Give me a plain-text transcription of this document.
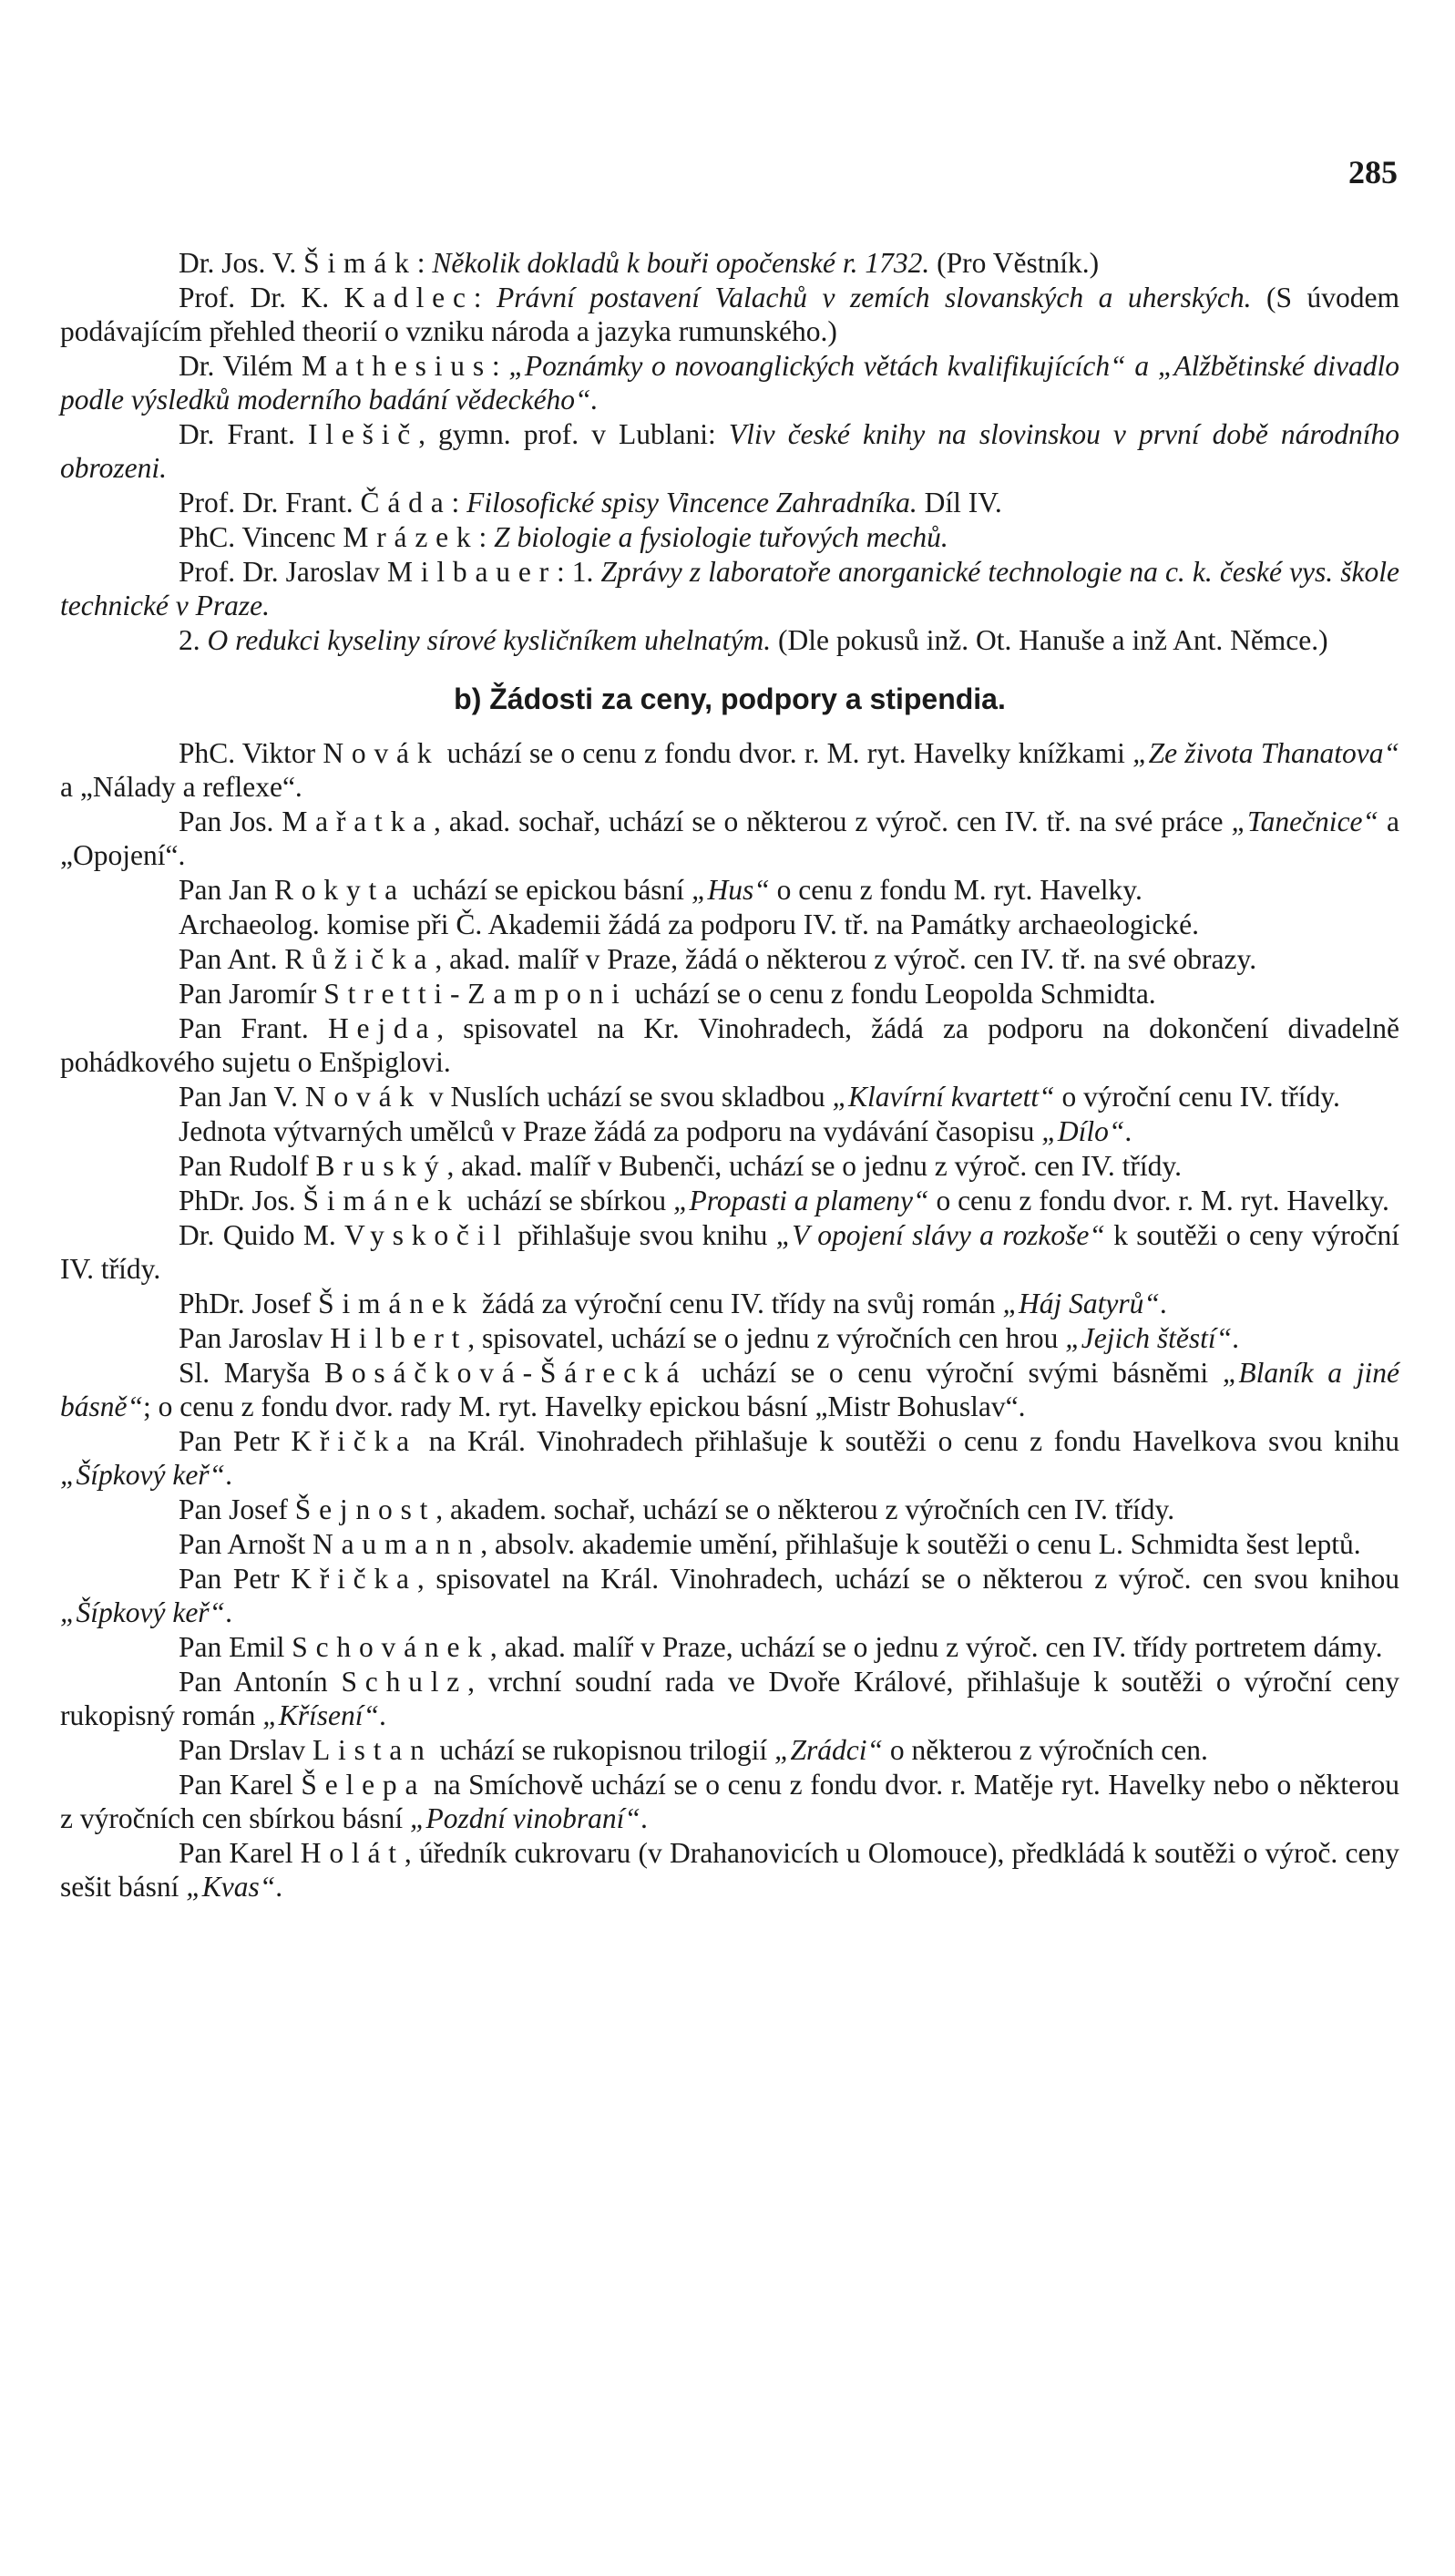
285

Dr. Jos. V. Šimák: Několik dokladů k bouři opočenské r. 1732. (Pro Věstník.)

Prof. Dr. K. Kadlec: Právní postavení Valachů v zemích slovanských a uherských. (S úvodem podávajícím přehled theorií o vzniku národa a jazyka rumunského.)

Dr. Vilém Mathesius: „Poznámky o novoanglických větách kvalifikujících“ a „Alžbětinské divadlo podle výsledků moderního badání vědeckého“.

Dr. Frant. Ilešič, gymn. prof. v Lublani: Vliv české knihy na slovinskou v první době národního obrozeni.

Prof. Dr. Frant. Čáda: Filosofické spisy Vincence Zahradníka. Díl IV.

PhC. Vincenc Mrázek: Z biologie a fysiologie tuřových mechů.

Prof. Dr. Jaroslav Milbauer: 1. Zprávy z laboratoře anorganické technologie na c. k. české vys. škole technické v Praze.

2. O redukci kyseliny sírové kysličníkem uhelnatým. (Dle pokusů inž. Ot. Hanuše a inž Ant. Němce.)

b) Žádosti za ceny, podpory a stipendia.

PhC. Viktor Novák uchází se o cenu z fondu dvor. r. M. ryt. Havelky knížkami „Ze života Thanatova“ a „Nálady a reflexe“.

Pan Jos. Mařatka, akad. sochař, uchází se o některou z výroč. cen IV. tř. na své práce „Tanečnice“ a „Opojení“.

Pan Jan Rokyta uchází se epickou básní „Hus“ o cenu z fondu M. ryt. Havelky.

Archaeolog. komise při Č. Akademii žádá za podporu IV. tř. na Památky archaeologické.

Pan Ant. Růžička, akad. malíř v Praze, žádá o některou z výroč. cen IV. tř. na své obrazy.

Pan Jaromír Stretti-Zamponi uchází se o cenu z fondu Leopolda Schmidta.

Pan Frant. Hejda, spisovatel na Kr. Vinohradech, žádá za podporu na dokončení divadelně pohádkového sujetu o Enšpiglovi.

Pan Jan V. Novák v Nuslích uchází se svou skladbou „Klavírní kvartett“ o výroční cenu IV. třídy.

Jednota výtvarných umělců v Praze žádá za podporu na vydávání časopisu „Dílo“.

Pan Rudolf Bruský, akad. malíř v Bubenči, uchází se o jednu z výroč. cen IV. třídy.

PhDr. Jos. Šimánek uchází se sbírkou „Propasti a plameny“ o cenu z fondu dvor. r. M. ryt. Havelky.

Dr. Quido M. Vyskočil přihlašuje svou knihu „V opojení slávy a rozkoše“ k soutěži o ceny výroční IV. třídy.

PhDr. Josef Šimánek žádá za výroční cenu IV. třídy na svůj román „Háj Satyrů“.

Pan Jaroslav Hilbert, spisovatel, uchází se o jednu z výročních cen hrou „Jejich štěstí“.

Sl. Maryša Bosáčková-Šárecká uchází se o cenu výroční svými básněmi „Blaník a jiné básně“; o cenu z fondu dvor. rady M. ryt. Havelky epickou básní „Mistr Bohuslav“.

Pan Petr Křička na Král. Vinohradech přihlašuje k soutěži o cenu z fondu Havelkova svou knihu „Šípkový keř“.

Pan Josef Šejnost, akadem. sochař, uchází se o některou z výročních cen IV. třídy.

Pan Arnošt Naumann, absolv. akademie umění, přihlašuje k soutěži o cenu L. Schmidta šest leptů.

Pan Petr Křička, spisovatel na Král. Vinohradech, uchází se o některou z výroč. cen svou knihou „Šípkový keř“.

Pan Emil Schovánek, akad. malíř v Praze, uchází se o jednu z výroč. cen IV. třídy portretem dámy.

Pan Antonín Schulz, vrchní soudní rada ve Dvoře Králové, přihlašuje k soutěži o výroční ceny rukopisný román „Křísení“.

Pan Drslav Listan uchází se rukopisnou trilogií „Zrádci“ o některou z výročních cen.

Pan Karel Šelepa na Smíchově uchází se o cenu z fondu dvor. r. Matěje ryt. Havelky nebo o některou z výročních cen sbírkou básní „Pozdní vinobraní“.

Pan Karel Holát, úředník cukrovaru (v Drahanovicích u Olomouce), předkládá k soutěži o výroč. ceny sešit básní „Kvas“.
